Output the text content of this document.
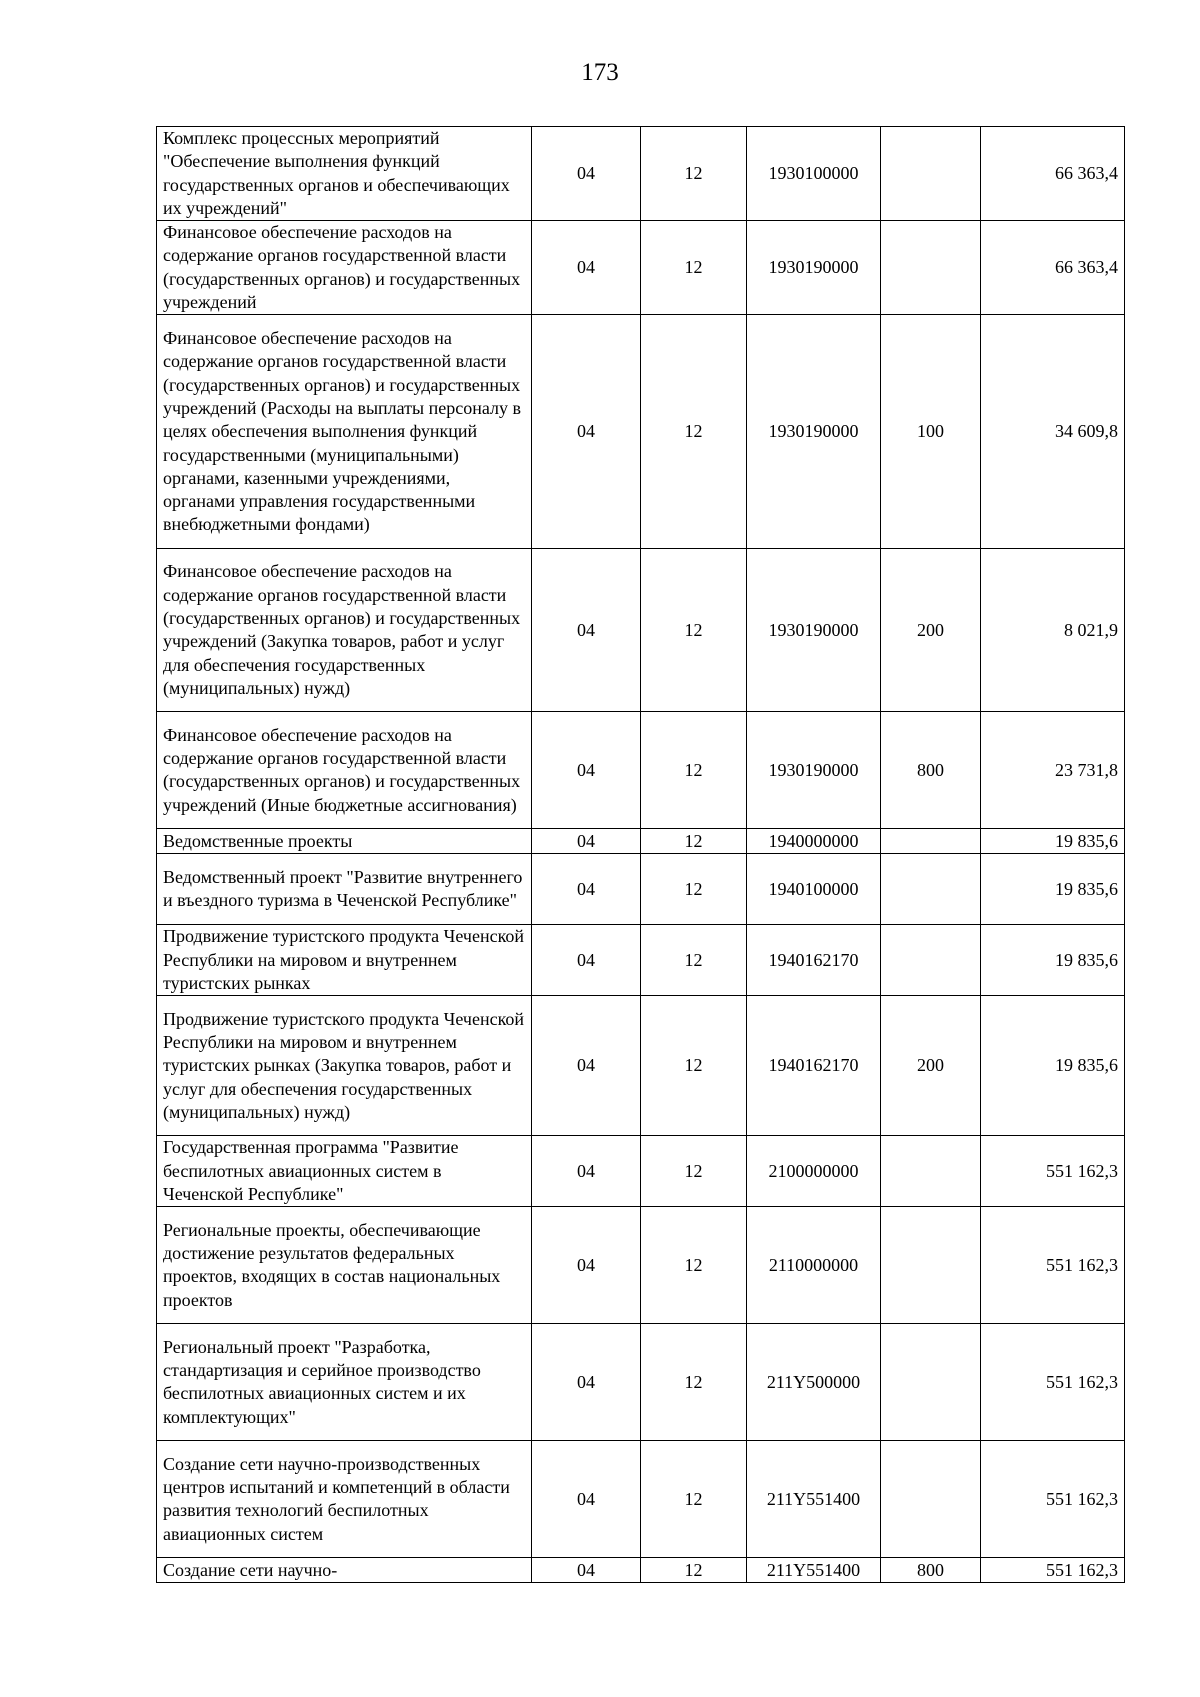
173
Комплекс процессных мероприятий "Обеспечение выполнения функций государственных органов и обеспечивающих их учреждений"	04	12	1930100000		66 363,4
Финансовое обеспечение расходов на содержание органов государственной власти (государственных органов) и государственных учреждений	04	12	1930190000		66 363,4
Финансовое обеспечение расходов на содержание органов государственной власти (государственных органов) и государственных учреждений (Расходы на выплаты персоналу в целях обеспечения выполнения функций государственными (муниципальными) органами, казенными учреждениями, органами управления государственными внебюджетными фондами)	04	12	1930190000	100	34 609,8
Финансовое обеспечение расходов на содержание органов государственной власти (государственных органов) и государственных учреждений (Закупка товаров, работ и услуг для обеспечения государственных (муниципальных) нужд)	04	12	1930190000	200	8 021,9
Финансовое обеспечение расходов на содержание органов государственной власти (государственных органов) и государственных учреждений (Иные бюджетные ассигнования)	04	12	1930190000	800	23 731,8
Ведомственные проекты	04	12	1940000000		19 835,6
Ведомственный проект "Развитие внутреннего и въездного туризма в Чеченской Республике"	04	12	1940100000		19 835,6
Продвижение туристского продукта Чеченской Республики на мировом и внутреннем туристских рынках	04	12	1940162170		19 835,6
Продвижение туристского продукта Чеченской Республики на мировом и внутреннем туристских рынках (Закупка товаров, работ и услуг для обеспечения государственных (муниципальных) нужд)	04	12	1940162170	200	19 835,6
Государственная программа "Развитие беспилотных авиационных систем в Чеченской Республике"	04	12	2100000000		551 162,3
Региональные проекты, обеспечивающие достижение результатов федеральных проектов, входящих в состав национальных проектов	04	12	2110000000		551 162,3
Региональный проект "Разработка, стандартизация и серийное производство беспилотных авиационных систем и их комплектующих"	04	12	211Y500000		551 162,3
Создание сети научно-производственных центров испытаний и компетенций в области развития технологий беспилотных авиационных систем	04	12	211Y551400		551 162,3
Создание сети научно-	04	12	211Y551400	800	551 162,3
